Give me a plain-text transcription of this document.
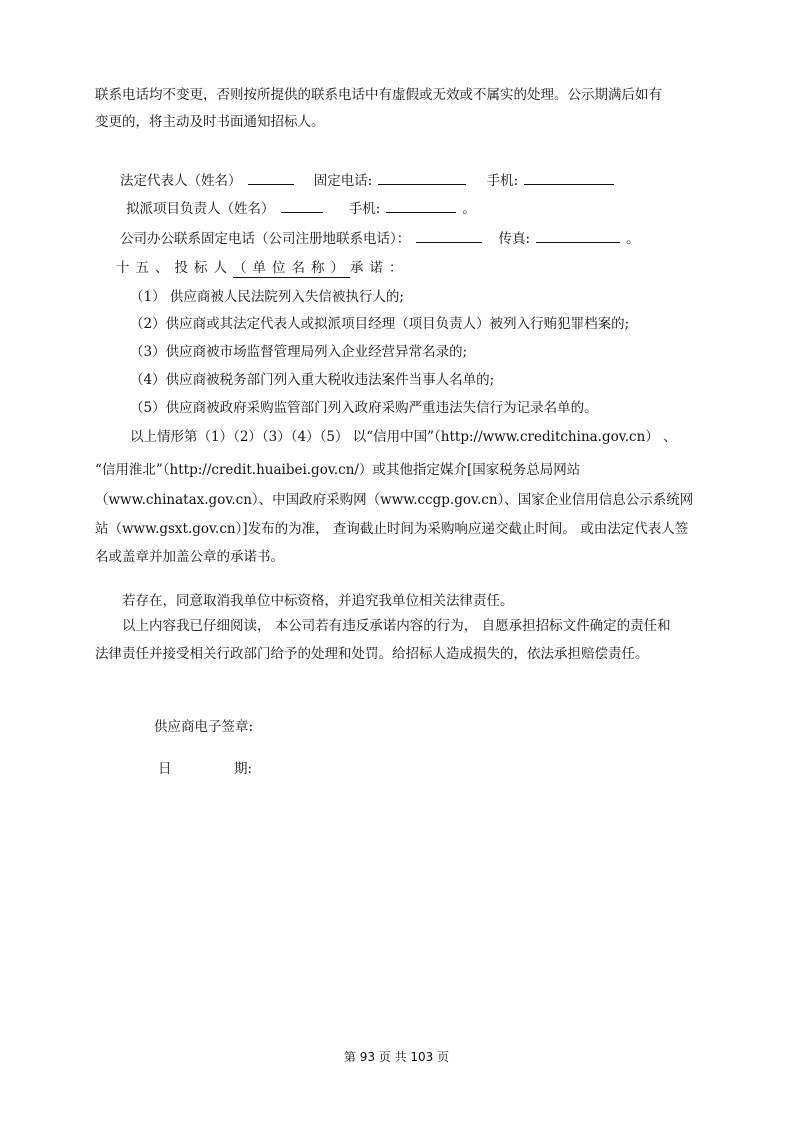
联系电话均不变更，否则按所提供的联系电话中有虚假或无效或不属实的处理。公示期满后如有
变更的，将主动及时书面通知招标人。
法定代表人（姓名）	固定电话:	手机:
拟派项目负责人（姓名）	手机:	。
公司办公联系固定电话（公司注册地联系电话）：	传真:	。
十五、投标人（单位名称）承诺：
（1） 供应商被人民法院列入失信被执行人的;
（2）供应商或其法定代表人或拟派项目经理（项目负责人）被列入行贿犯罪档案的;
（3）供应商被市场监督管理局列入企业经营异常名录的;
（4）供应商被税务部门列入重大税收违法案件当事人名单的;
（5）供应商被政府采购监管部门列入政府采购严重违法失信行为记录名单的。
以上情形第（1）（2）（3）（4）（5） 以“信用中国”（http://www.creditchina.gov.cn） 、
“信用淮北”（http://credit.huaibei.gov.cn/）或其他指定媒介[国家税务总局网站
（www.chinatax.gov.cn）、中国政府采购网（www.ccgp.gov.cn）、国家企业信用信息公示系统网
站（www.gsxt.gov.cn）]发布的为准， 查询截止时间为采购响应递交截止时间。 或由法定代表人签
名或盖章并加盖公章的承诺书。
若存在，同意取消我单位中标资格，并追究我单位相关法律责任。
以上内容我已仔细阅读， 本公司若有违反承诺内容的行为， 自愿承担招标文件确定的责任和
法律责任并接受相关行政部门给予的处理和处罚。给招标人造成损失的，依法承担赔偿责任。
供应商电子签章:
日	期:
第 93 页 共 103 页
